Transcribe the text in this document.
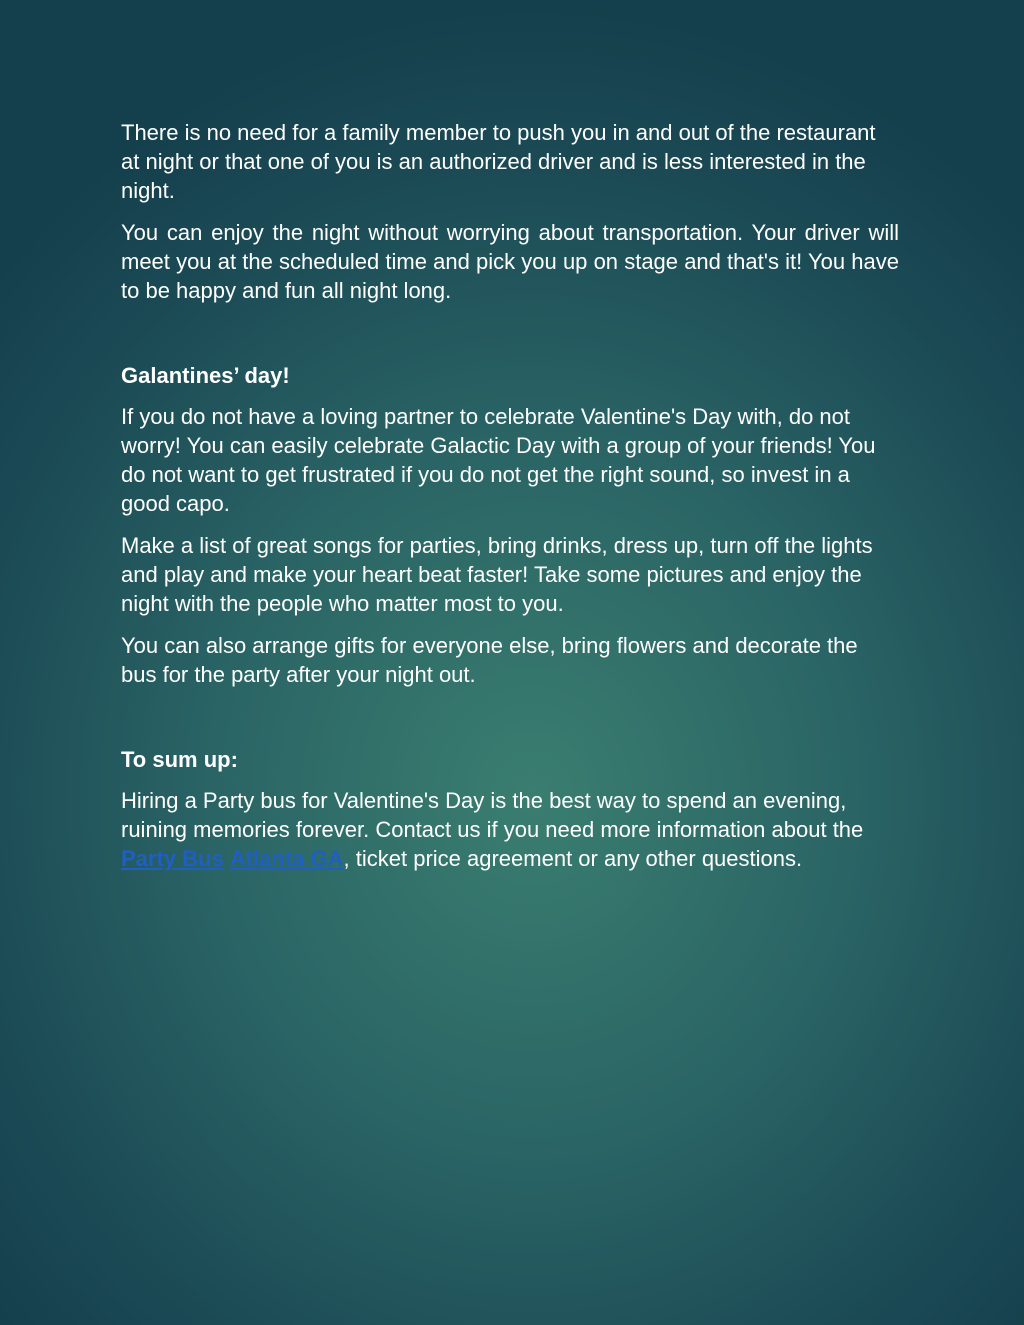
There is no need for a family member to push you in and out of the restaurant at night or that one of you is an authorized driver and is less interested in the night.

You can enjoy the night without worrying about transportation. Your driver will meet you at the scheduled time and pick you up on stage and that's it! You have to be happy and fun all night long.

Galantines’ day!

If you do not have a loving partner to celebrate Valentine's Day with, do not worry! You can easily celebrate Galactic Day with a group of your friends! You do not want to get frustrated if you do not get the right sound, so invest in a good capo.

Make a list of great songs for parties, bring drinks, dress up, turn off the lights and play and make your heart beat faster! Take some pictures and enjoy the night with the people who matter most to you.

You can also arrange gifts for everyone else, bring flowers and decorate the bus for the party after your night out.

To sum up:

Hiring a Party bus for Valentine's Day is the best way to spend an evening, ruining memories forever. Contact us if you need more information about the Party Bus Atlanta GA, ticket price agreement or any other questions.
